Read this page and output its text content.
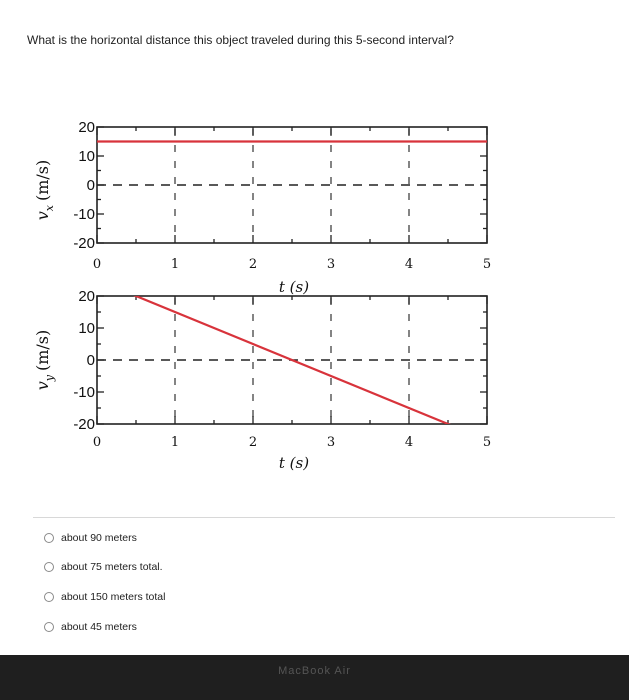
What is the horizontal distance this object traveled during this 5-second interval?
20
10
0
-10
-20
0	1	2	3	4	5
t (s)
$v_x(m/s)$
20
10
0
-10
-20
0	1	2	3	4	5
t (s)
$v_y(m/s)$
about 90 meters
about 75 meters total.
about 150 meters total
about 45 meters
MacBook Air
